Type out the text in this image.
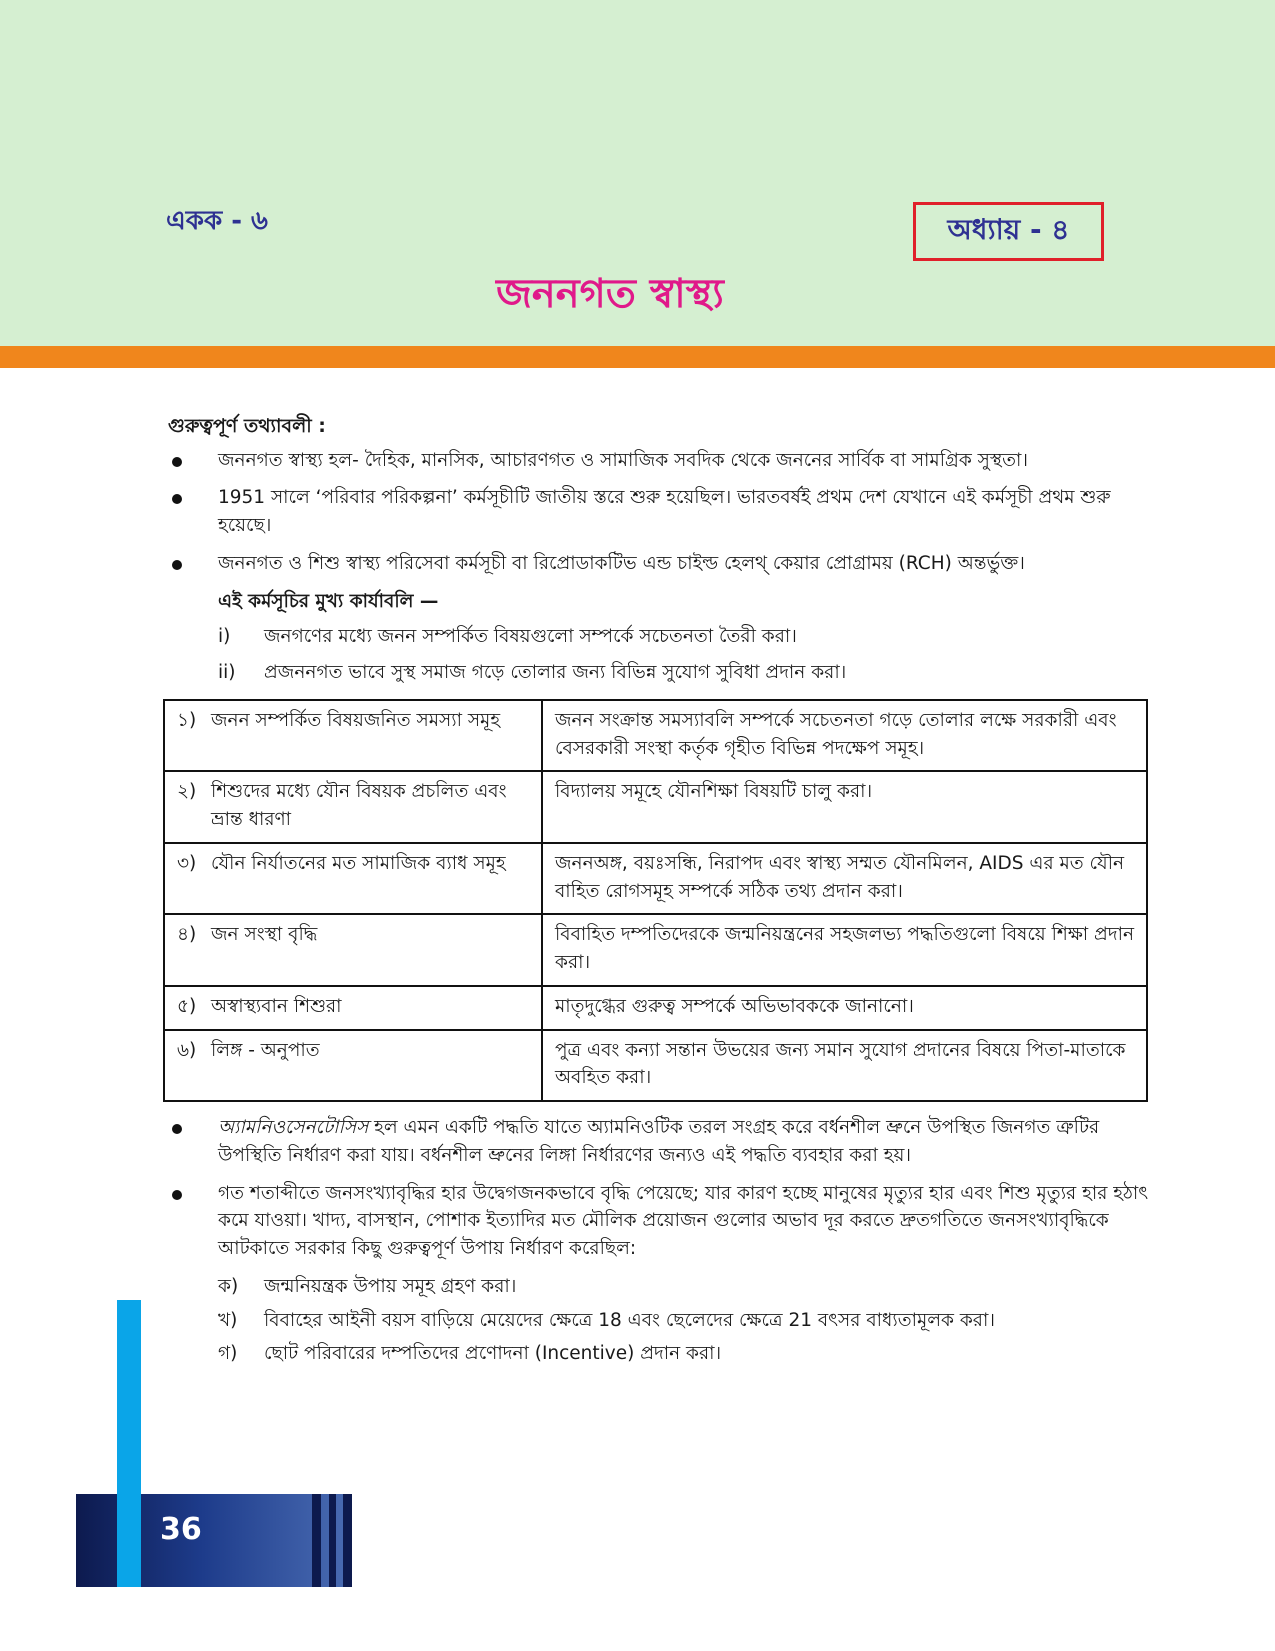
একক - ৬	অধ্যায় - ৪
জননগত স্বাস্থ্য
গুরুত্বপূর্ণ তথ্যাবলী :
জননগত স্বাস্থ্য হল- দৈহিক, মানসিক, আচারণগত ও সামাজিক সবদিক থেকে জননের সার্বিক বা সামগ্রিক সুস্থতা।
1951 সালে ‘পরিবার পরিকল্পনা’ কর্মসূচীটি জাতীয় স্তরে শুরু হয়েছিল। ভারতবর্ষই প্রথম দেশ যেখানে এই কর্মসূচী প্রথম শুরু হয়েছে।
জননগত ও শিশু স্বাস্থ্য পরিসেবা কর্মসূচী বা রিপ্রোডাকটিভ এন্ড চাইল্ড হেলথ্ কেয়ার প্রোগ্রাময় (RCH) অন্তর্ভুক্ত।
এই কর্মসূচির মুখ্য কার্যাবলি —
i)	জনগণের মধ্যে জনন সম্পর্কিত বিষয়গুলো সম্পর্কে সচেতনতা তৈরী করা।
ii)	প্রজননগত ভাবে সুস্থ সমাজ গড়ে তোলার জন্য বিভিন্ন সুযোগ সুবিধা প্রদান করা।
১) জনন সম্পর্কিত বিষয়জনিত সমস্যা সমূহ	জনন সংক্রান্ত সমস্যাবলি সম্পর্কে সচেতনতা গড়ে তোলার লক্ষে সরকারী এবং বেসরকারী সংস্থা কর্তৃক গৃহীত বিভিন্ন পদক্ষেপ সমূহ।

২) শিশুদের মধ্যে যৌন বিষয়ক প্রচলিত এবং ভ্রান্ত ধারণা	বিদ্যালয় সমূহে যৌনশিক্ষা বিষয়টি চালু করা।

৩) যৌন নির্যাতনের মত সামাজিক ব্যাধ সমূহ	জননঅঙ্গ, বয়ঃসন্ধি, নিরাপদ এবং স্বাস্থ্য সম্মত যৌনমিলন, AIDS এর মত যৌন বাহিত রোগসমূহ সম্পর্কে সঠিক তথ্য প্রদান করা।

৪) জন সংস্থা বৃদ্ধি	বিবাহিত দম্পতিদেরকে জন্মনিয়ন্ত্রনের সহজলভ্য পদ্ধতিগুলো বিষয়ে শিক্ষা প্রদান করা।

৫) অস্বাস্থ্যবান শিশুরা	মাতৃদুগ্ধের গুরুত্ব সম্পর্কে অভিভাবককে জানানো।

৬) লিঙ্গ - অনুপাত	পুত্র এবং কন্যা সন্তান উভয়ের জন্য সমান সুযোগ প্রদানের বিষয়ে পিতা-মাতাকে অবহিত করা।
অ্যামনিওসেনটোসিস হল এমন একটি পদ্ধতি যাতে অ্যামনিওটিক তরল সংগ্রহ করে বর্ধনশীল ভ্রুনে উপস্থিত জিনগত ত্রুটির উপস্থিতি নির্ধারণ করা যায়। বর্ধনশীল ভ্রুনের লিঙ্গা নির্ধারণের জন্যও এই পদ্ধতি ব্যবহার করা হয়।
গত শতাব্দীতে জনসংখ্যাবৃদ্ধির হার উদ্বেগজনকভাবে বৃদ্ধি পেয়েছে; যার কারণ হচ্ছে মানুষের মৃত্যুর হার এবং শিশু মৃত্যুর হার হঠাৎ কমে যাওয়া। খাদ্য, বাসস্থান, পোশাক ইত্যাদির মত মৌলিক প্রয়োজন গুলোর অভাব দূর করতে দ্রুতগতিতে জনসংখ্যাবৃদ্ধিকে আটকাতে সরকার কিছু গুরুত্বপূর্ণ উপায় নির্ধারণ করেছিল:
ক)	জন্মনিয়ন্ত্রক উপায় সমূহ গ্রহণ করা।
খ)	বিবাহের আইনী বয়স বাড়িয়ে মেয়েদের ক্ষেত্রে 18 এবং ছেলেদের ক্ষেত্রে 21 বৎসর বাধ্যতামূলক করা।
গ)	ছোট পরিবারের দম্পতিদের প্রণোদনা (Incentive) প্রদান করা।
36
